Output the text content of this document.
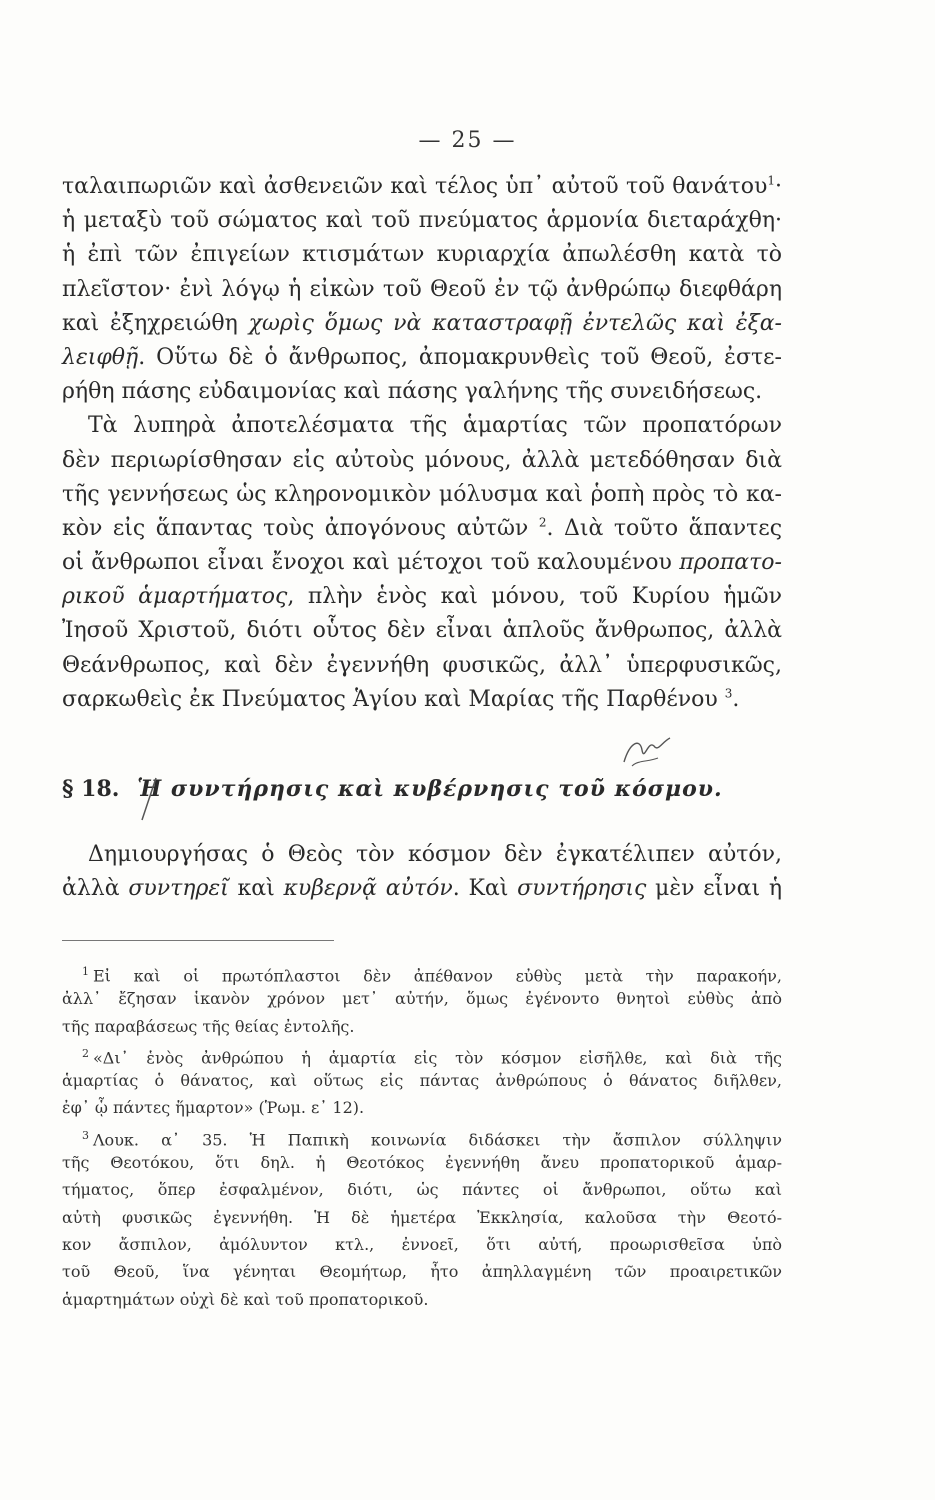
— 25 —
ταλαιπωριῶν καὶ ἀσθενειῶν καὶ τέλος ὑπ᾽ αὐτοῦ τοῦ θανάτου$^1$·
ἡ μεταξὺ τοῦ σώματος καὶ τοῦ πνεύματος ἁρμονία διεταράχθη·
ἡ ἐπὶ τῶν ἐπιγείων κτισμάτων κυριαρχία ἀπωλέσθη κατὰ τὸ
πλεῖστον· ἐνὶ λόγῳ ἡ εἰκὼν τοῦ Θεοῦ ἐν τῷ ἀνθρώπῳ διεφθάρη
καὶ ἐξηχρειώθη χωρὶς ὅμως νὰ καταστραφῇ ἐντελῶς καὶ ἐξα-
λειφθῇ. Οὕτω δὲ ὁ ἄνθρωπος, ἀπομακρυνθεὶς τοῦ Θεοῦ, ἐστε-
ρήθη πάσης εὐδαιμονίας καὶ πάσης γαλήνης τῆς συνειδήσεως.
Τὰ λυπηρὰ ἀποτελέσματα τῆς ἁμαρτίας τῶν προπατόρων
δὲν περιωρίσθησαν εἰς αὐτοὺς μόνους, ἀλλὰ μετεδόθησαν διὰ
τῆς γεννήσεως ὡς κληρονομικὸν μόλυσμα καὶ ῥοπὴ πρὸς τὸ κα-
κὸν εἰς ἅπαντας τοὺς ἀπογόνους αὐτῶν $^2$. Διὰ τοῦτο ἅπαντες
οἱ ἄνθρωποι εἶναι ἔνοχοι καὶ μέτοχοι τοῦ καλουμένου προπατο-
ρικοῦ ἁμαρτήματος, πλὴν ἑνὸς καὶ μόνου, τοῦ Κυρίου ἡμῶν
Ἰησοῦ Χριστοῦ, διότι οὗτος δὲν εἶναι ἁπλοῦς ἄνθρωπος, ἀλλὰ
Θεάνθρωπος, καὶ δὲν ἐγεννήθη φυσικῶς, ἀλλ᾽ ὑπερφυσικῶς,
σαρκωθεὶς ἐκ Πνεύματος Ἁγίου καὶ Μαρίας τῆς Παρθένου $^3$.
§ 18. Ἡ συντήρησις καὶ κυβέρνησις τοῦ κόσμου.
Δημιουργήσας ὁ Θεὸς τὸν κόσμον δὲν ἐγκατέλιπεν αὐτόν,
ἀλλὰ συντηρεῖ καὶ κυβερνᾷ αὐτόν. Καὶ συντήρησις μὲν εἶναι ἡ
$^1$ Εἰ καὶ οἱ πρωτόπλαστοι δὲν ἀπέθανον εὐθὺς μετὰ τὴν παρακοήν,
ἀλλ᾽ ἔζησαν ἱκανὸν χρόνον μετ᾽ αὐτήν, ὅμως ἐγένοντο θνητοὶ εὐθὺς ἀπὸ
τῆς παραβάσεως τῆς θείας ἐντολῆς.
$^2$ «Δι᾽ ἑνὸς ἀνθρώπου ἡ ἁμαρτία εἰς τὸν κόσμον εἰσῆλθε, καὶ διὰ τῆς
ἁμαρτίας ὁ θάνατος, καὶ οὕτως εἰς πάντας ἀνθρώπους ὁ θάνατος διῆλθεν,
ἐφ᾽ ᾧ πάντες ἥμαρτον» (Ῥωμ. ε᾽ 12).
$^3$ Λουκ. α᾽ 35. Ἡ Παπικὴ κοινωνία διδάσκει τὴν ἄσπιλον σύλληψιν
τῆς Θεοτόκου, ὅτι δηλ. ἡ Θεοτόκος ἐγεννήθη ἄνευ προπατορικοῦ ἁμαρ-
τήματος, ὅπερ ἐσφαλμένον, διότι, ὡς πάντες οἱ ἄνθρωποι, οὕτω καὶ
αὐτὴ φυσικῶς ἐγεννήθη. Ἡ δὲ ἡμετέρα Ἐκκλησία, καλοῦσα τὴν Θεοτό-
κον ἄσπιλον, ἀμόλυντον κτλ., ἐννοεῖ, ὅτι αὐτή, προωρισθεῖσα ὑπὸ
τοῦ Θεοῦ, ἵνα γένηται Θεομήτωρ, ἦτο ἀπηλλαγμένη τῶν προαιρετικῶν
ἁμαρτημάτων οὐχὶ δὲ καὶ τοῦ προπατορικοῦ.
